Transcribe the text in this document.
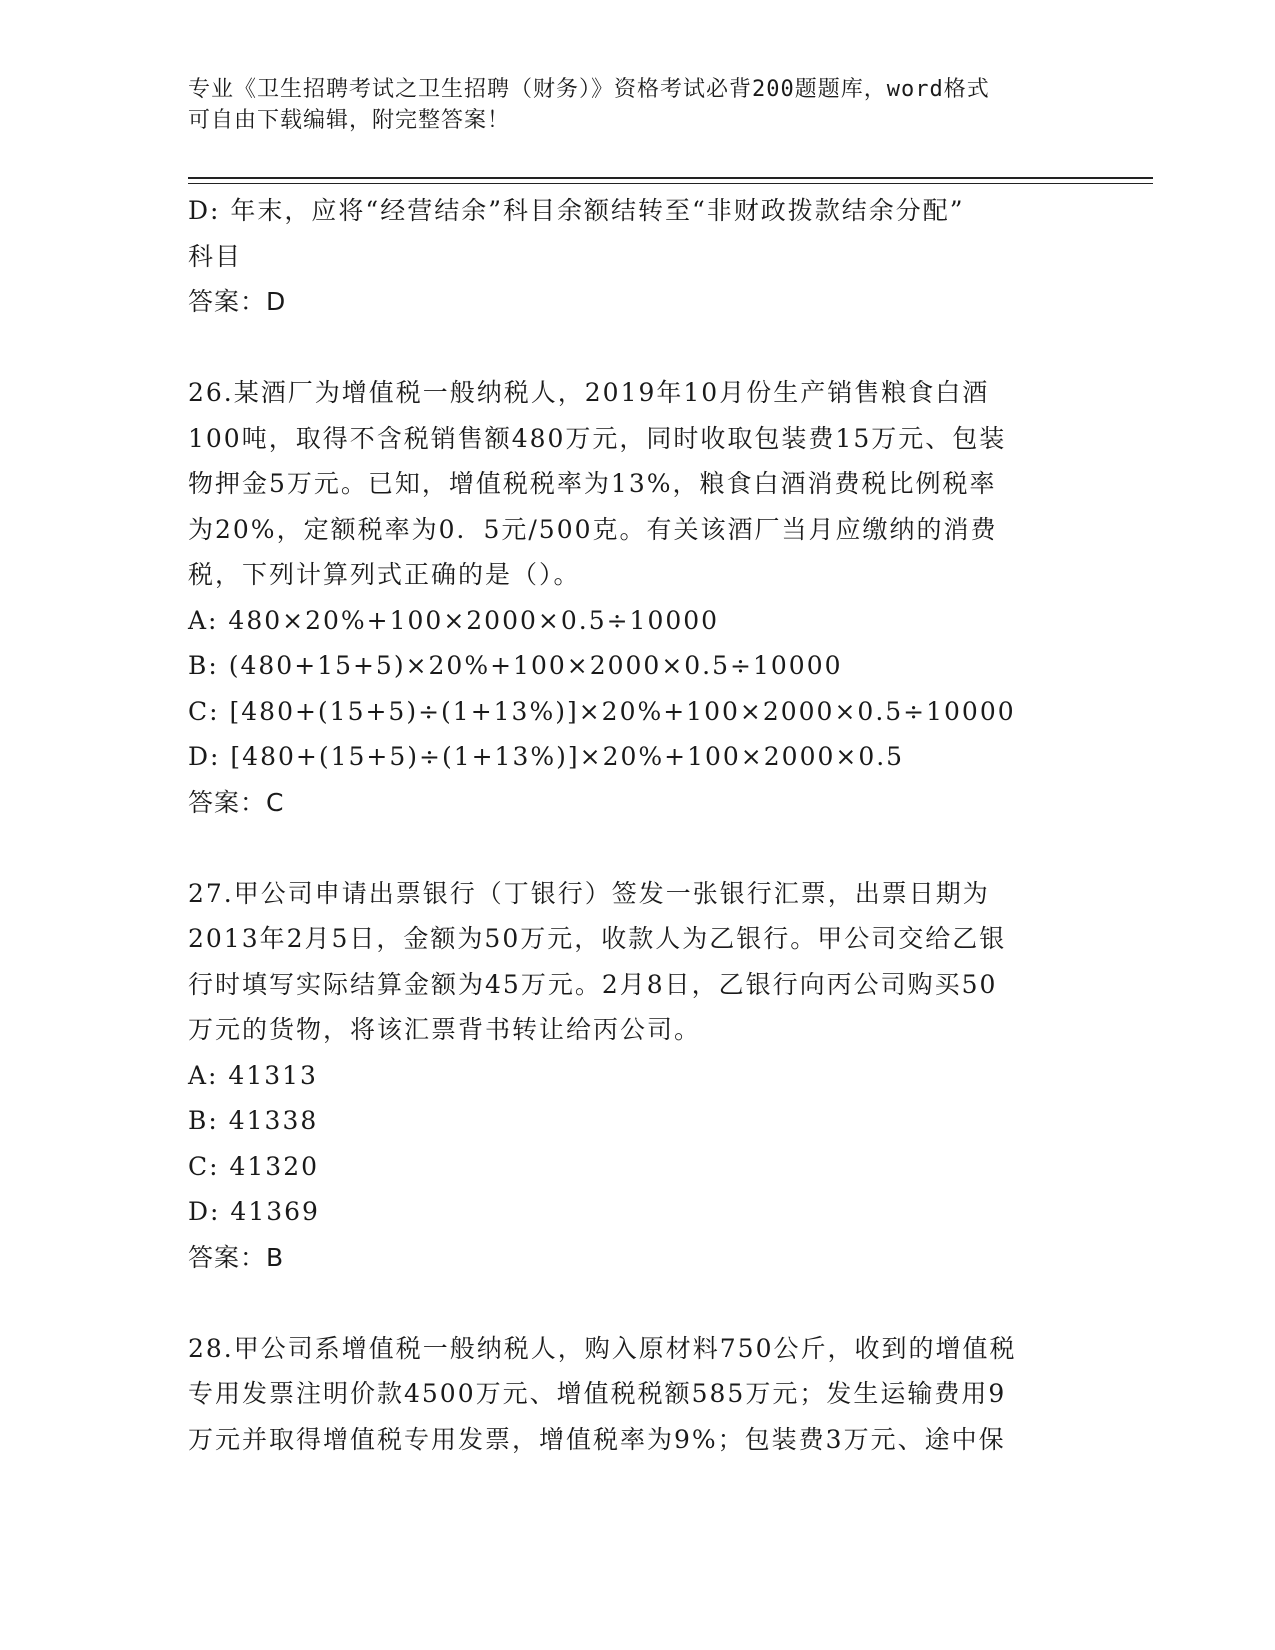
专业《卫生招聘考试之卫生招聘（财务）》资格考试必背200题题库，word格式
可自由下载编辑，附完整答案！
D: 年末，应将“经营结余”科目余额结转至“非财政拨款结余分配”
科目
答案：D
26.某酒厂为增值税一般纳税人，2019年10月份生产销售粮食白酒
100吨，取得不含税销售额480万元，同时收取包装费15万元、包装
物押金5万元。已知，增值税税率为13%，粮食白酒消费税比例税率
为20%，定额税率为0．5元/500克。有关该酒厂当月应缴纳的消费
税，下列计算列式正确的是（）。
A: 480×20%+100×2000×0.5÷10000
B: (480+15+5)×20%+100×2000×0.5÷10000
C: [480+(15+5)÷(1+13%)]×20%+100×2000×0.5÷10000
D: [480+(15+5)÷(1+13%)]×20%+100×2000×0.5
答案：C
27.甲公司申请出票银行（丁银行）签发一张银行汇票，出票日期为
2013年2月5日，金额为50万元，收款人为乙银行。甲公司交给乙银
行时填写实际结算金额为45万元。2月8日，乙银行向丙公司购买50
万元的货物，将该汇票背书转让给丙公司。
A: 41313
B: 41338
C: 41320
D: 41369
答案：B
28.甲公司系增值税一般纳税人，购入原材料750公斤，收到的增值税
专用发票注明价款4500万元、增值税税额585万元；发生运输费用9
万元并取得增值税专用发票，增值税率为9%；包装费3万元、途中保
